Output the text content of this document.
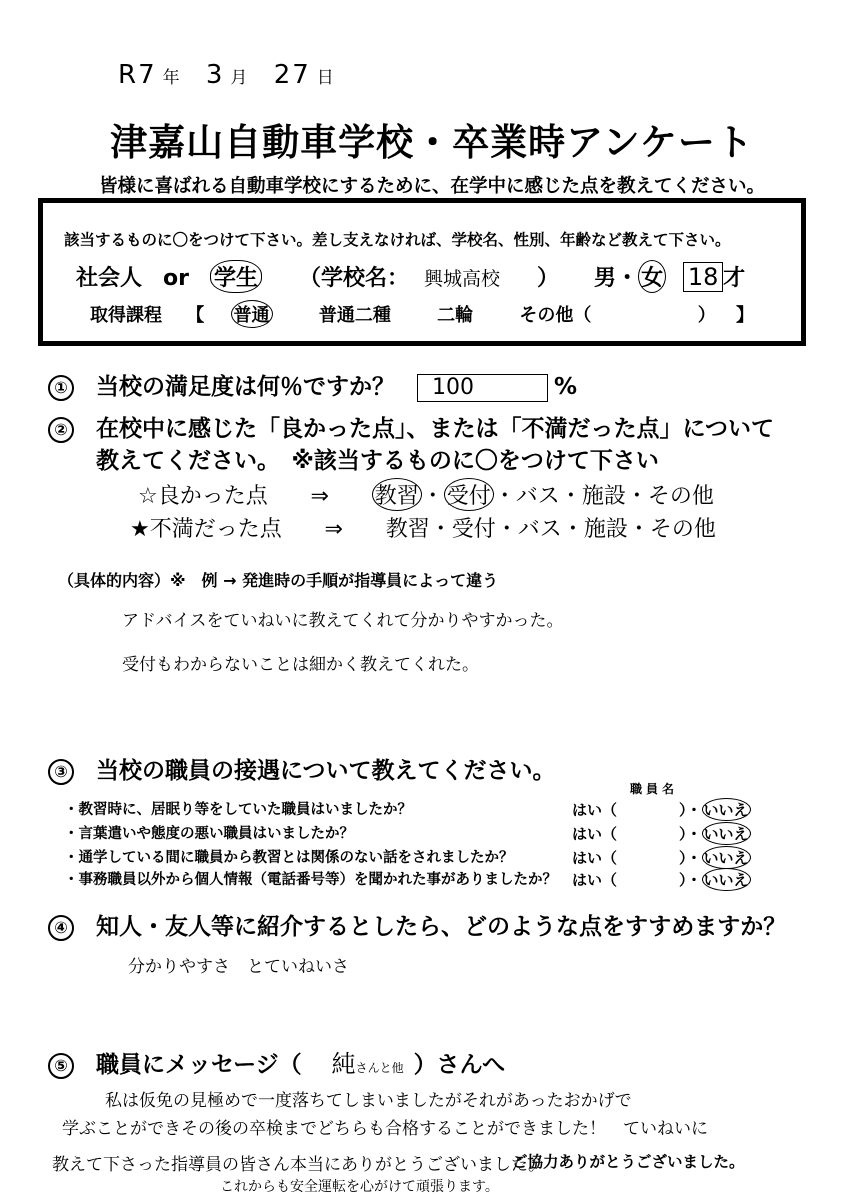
R7 年 3 月 27 日
津嘉山自動車学校・卒業時アンケート
皆様に喜ばれる自動車学校にするために、在学中に感じた点を教えてください。
該当するものに〇をつけて下さい。差し支えなければ、学校名、性別、年齢など教えて下さい。
社会人 or 学生 （学校名： 興城高校 ） 男・ 女 18 才
取得課程 【 普通	普通二種	二輪	その他（	） 】
① 当校の満足度は何％ですか？ 100	%
② 在校中に感じた「良かった点」、または「不満だった点」について
教えてください。　※該当するものに〇をつけて下さい
☆良かった点 ⇒ 教習 ・ 受付 ・バス・施設・その他
★不満だった点 ⇒ 教習・受付・バス・施設・その他
（具体的内容）※　例 → 発進時の手順が指導員によって違う
アドバイスをていねいに教えてくれて分かりやすかった。
受付もわからないことは細かく教えてくれた。
③ 当校の職員の接遇について教えてください。
職員名
・教習時に、居眠り等をしていた職員はいましたか？	はい（	）・ いいえ
・言葉遣いや態度の悪い職員はいましたか？	はい（	）・ いいえ
・通学している間に職員から教習とは関係のない話をされましたか？	はい（	）・ いいえ
・事務職員以外から個人情報（電話番号等）を聞かれた事がありましたか？ はい（	）・ いいえ
④ 知人・友人等に紹介するとしたら、どのような点をすすめますか？
分かりやすさ　とていねいさ
⑤ 職員にメッセージ（ 純さんと他 ）さんへ
私は仮免の見極めで一度落ちてしまいましたがそれがあったおかげで
学ぶことができその後の卒検までどちらも合格することができました！　ていねいに
教えて下さった指導員の皆さん本当にありがとうございました。
ご協力ありがとうございました。
これからも安全運転を心がけて頑張ります。
